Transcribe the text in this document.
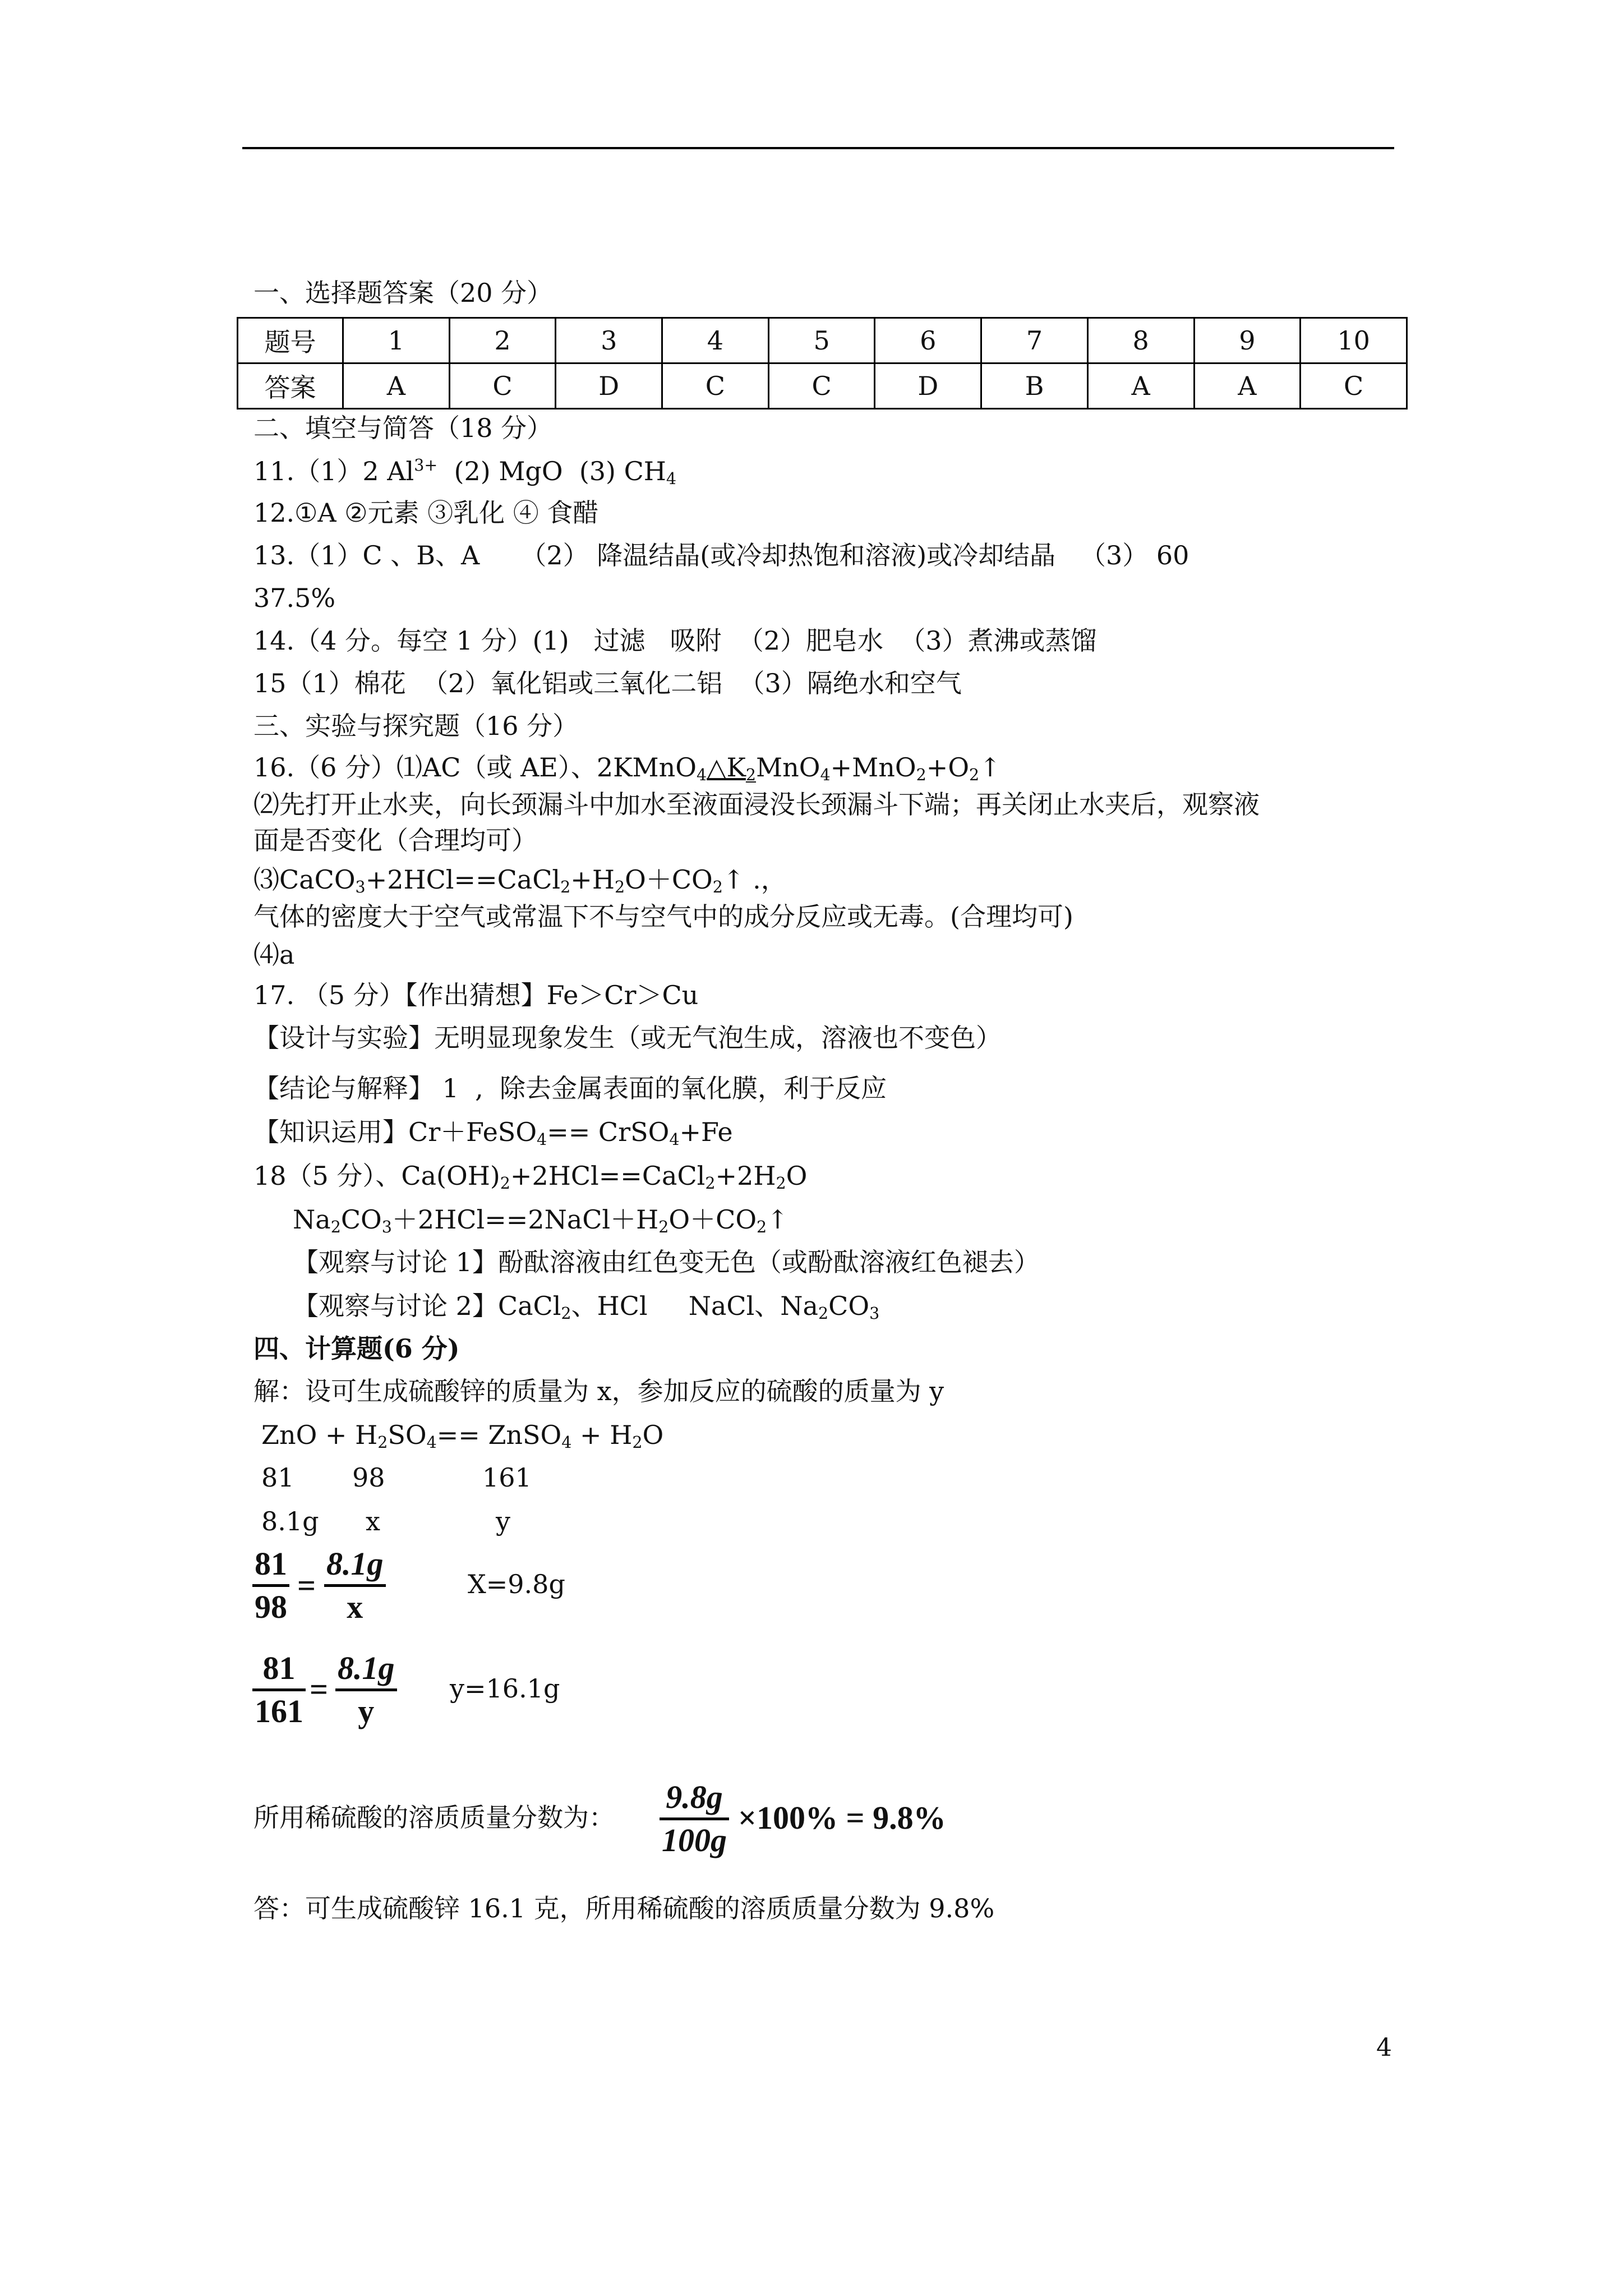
一、选择题答案（20 分）
题号	1	2	3	4	5	6	7	8	9	10
答案	A	C	D	C	C	D	B	A	A	C
二、填空与简答（18 分）
11.（1）2 $Al^{3+}$  (2) MgO  (3) $CH_4$
12.①A ②元素 ③乳化 ④ 食醋
13.（1）C 、B、A     （2） 降温结晶(或冷却热饱和溶液)或冷却结晶   （3） 60
37.5%
14.（4 分。每空 1 分）(1)   过滤   吸附  （2）肥皂水  （3）煮沸或蒸馏
15（1）棉花  （2）氧化铝或三氧化二铝  （3）隔绝水和空气
三、实验与探究题（16 分）
16.（6 分）⑴AC（或 AE）、$2KMnO_4\triangle K_2MnO_4+MnO_2+O_2↑$
⑵先打开止水夹，向长颈漏斗中加水至液面浸没长颈漏斗下端；再关闭止水夹后，观察液
面是否变化（合理均可）
$⑶CaCO_3+2HCl==CaCl_2+H_2O+CO_2↑$ .，
气体的密度大于空气或常温下不与空气中的成分反应或无毒。(合理均可)
⑷a
17. （5 分）【作出猜想】Fe＞Cr＞Cu
【设计与实验】无明显现象发生（或无气泡生成，溶液也不变色）
【结论与解释】 1  ,  除去金属表面的氧化膜，利于反应
【知识运用】Cr＋FeSO$_4$== CrSO$_4$+Fe
18（5 分）、$Ca(OH)_2+2HCl==CaCl_2+2H_2O$
$Na_2CO_3+2HCl==2NaCl+H_2O+CO_2↑$
【观察与讨论 1】酚酞溶液由红色变无色（或酚酞溶液红色褪去）
【观察与讨论 2】CaCl$_2$、HCl     NaCl、$Na_2CO_3$
四、计算题(6 分)
解：设可生成硫酸锌的质量为 x，参加反应的硫酸的质量为 y
ZnO + $H_2SO_4==$ ZnSO$_4$ + $H_2O$
81 98	161
8.1g x	y
81
98
=
8.1g
x
X=9.8g
81
161
=
8.1g
y
y=16.1g
所用稀硫酸的溶质质量分数为：
9.8g
100g
×100% = 9.8%
答：可生成硫酸锌 16.1 克，所用稀硫酸的溶质质量分数为 9.8%
4
